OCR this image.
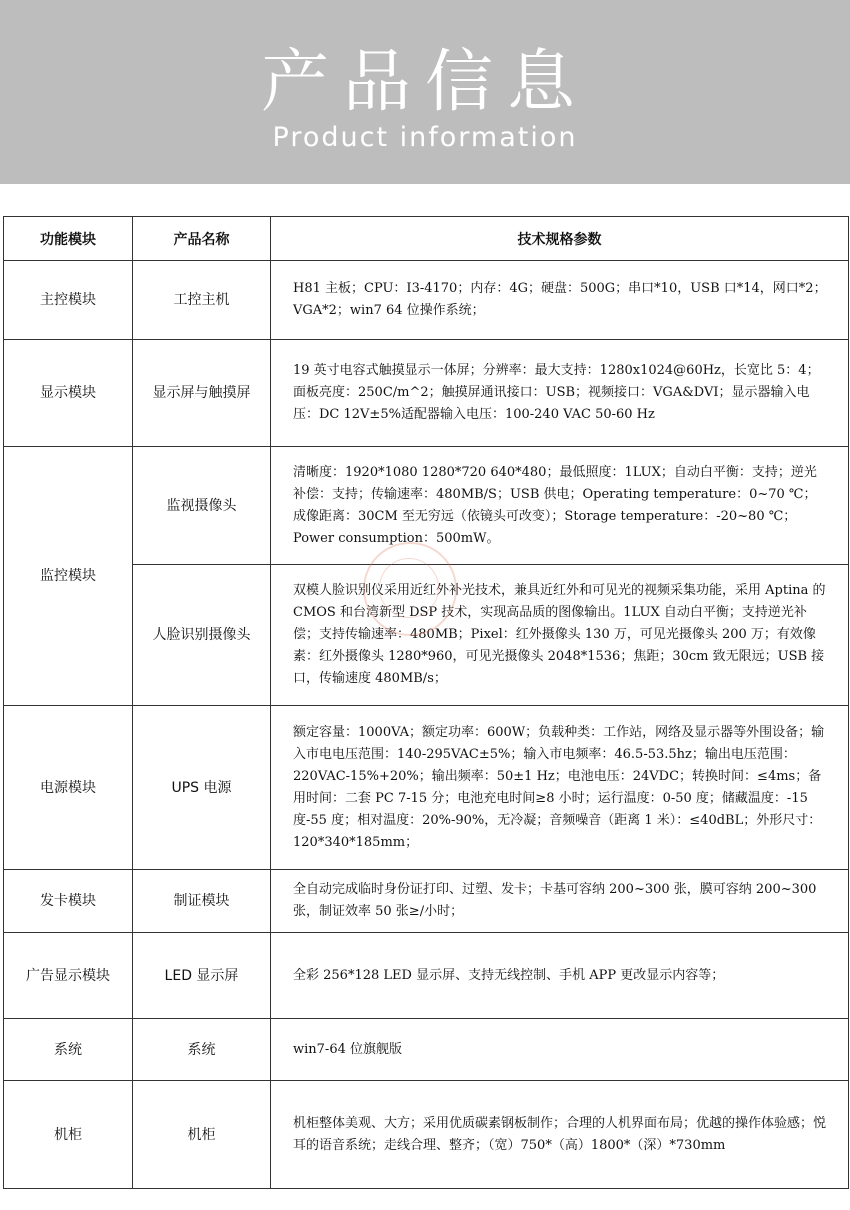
产品信息
Product information
功能模块	产品名称	技术规格参数

主控模块	工控主机	H81 主板；CPU：I3-4170；内存：4G；硬盘：500G；串口*10，USB 口*14，网口*2；VGA*2；win7 64 位操作系统；

显示模块	显示屏与触摸屏	19 英寸电容式触摸显示一体屏；分辨率：最大支持：1280x1024@60Hz，长宽比 5：4；面板亮度：250C/m^2；触摸屏通讯接口：USB；视频接口：VGA&DVI；显示器输入电压：DC 12V±5%适配器输入电压：100-240 VAC 50-60 Hz

监控模块	监视摄像头	清晰度：1920*1080 1280*720 640*480；最低照度：1LUX；自动白平衡：支持；逆光补偿：支持；传输速率：480MB/S；USB 供电；Operating temperature：0~70 ℃；成像距离：30CM 至无穷远（依镜头可改变）；Storage temperature：-20~80 ℃；Power consumption：500mW。

	人脸识别摄像头	双模人脸识别仪采用近红外补光技术，兼具近红外和可见光的视频采集功能，采用 Aptina 的 CMOS 和台湾新型 DSP 技术，实现高品质的图像输出。1LUX 自动白平衡；支持逆光补偿；支持传输速率：480MB；Pixel：红外摄像头 130 万，可见光摄像头 200 万；有效像素：红外摄像头 1280*960，可见光摄像头 2048*1536；焦距；30cm 致无限远；USB 接口，传输速度 480MB/s；

电源模块	UPS 电源	额定容量：1000VA；额定功率：600W；负载种类：工作站，网络及显示器等外围设备；输入市电电压范围：140-295VAC±5%；输入市电频率：46.5-53.5hz；输出电压范围：220VAC-15%+20%；输出频率：50±1 Hz；电池电压：24VDC；转换时间：≤4ms；备用时间：二套 PC 7-15 分；电池充电时间≥8 小时；运行温度：0-50 度；储藏温度：-15 度-55 度；相对温度：20%-90%，无冷凝；音频噪音（距离 1 米）：≤40dBL；外形尺寸：120*340*185mm；

发卡模块	制证模块	全自动完成临时身份证打印、过塑、发卡；卡基可容纳 200~300 张，膜可容纳 200~300 张，制证效率 50 张≥/小时；

广告显示模块	LED 显示屏	全彩 256*128 LED 显示屏、支持无线控制、手机 APP 更改显示内容等；

系统	系统	win7-64 位旗舰版

机柜	机柜	机柜整体美观、大方；采用优质碳素钢板制作；合理的人机界面布局；优越的操作体验感；悦耳的语音系统；走线合理、整齐；（宽）750*（高）1800*（深）*730mm
